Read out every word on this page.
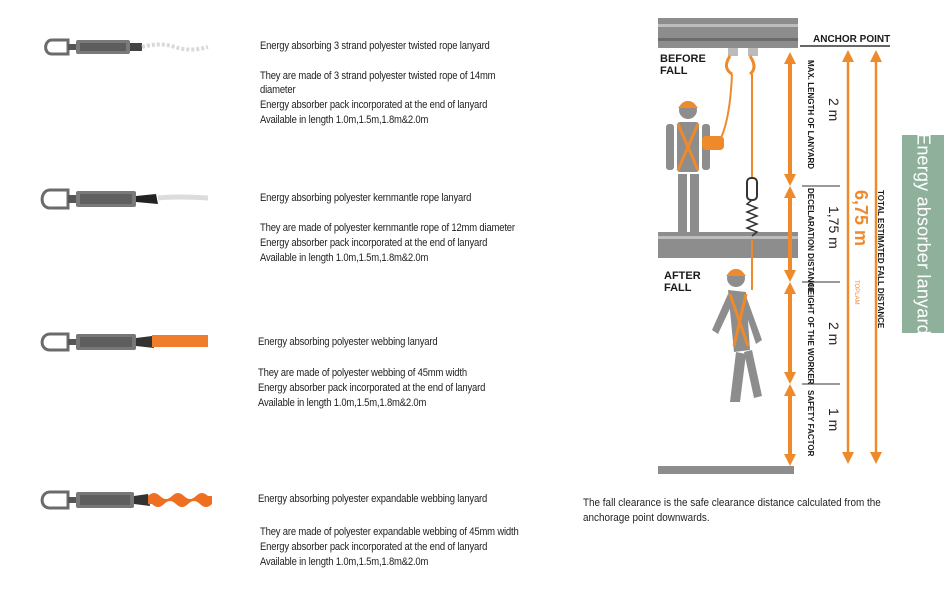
Energy absorbing 3 strand polyester twisted rope lanyard
They are made of 3 strand polyester twisted rope of 14mm
diameter
Energy absorber pack incorporated at the end of lanyard
Available in length 1.0m,1.5m,1.8m&2.0m
Energy absorbing polyester kernmantle rope lanyard
They are made of polyester kernmantle rope of 12mm diameter
Energy absorber pack incorporated at the end of lanyard
Available in length 1.0m,1.5m,1.8m&2.0m
Energy absorbing polyester webbing lanyard
They are made of polyester webbing of 45mm width
Energy absorber pack incorporated at the end of lanyard
Available in length 1.0m,1.5m,1.8m&2.0m
Energy absorbing polyester expandable webbing lanyard
They are made of polyester expandable webbing of 45mm width
Energy absorber pack incorporated at the end of lanyard
Available in length 1.0m,1.5m,1.8m&2.0m
ANCHOR POINT
BEFORE
FALL
AFTER
FALL
MAX. LENGTH OF LANYARD 2 m
DECELARATION DISTANCE 1,75 m
HEIGHT OF THE WORKER 2 m
SAFETY FACTOR 1 m
6,75 m
TOPLAM TOTAL ESTIMATED FALL DISTANCE
The fall clearance is the safe clearance distance calculated from the
anchorage point downwards.
Energy absorber lanyard
